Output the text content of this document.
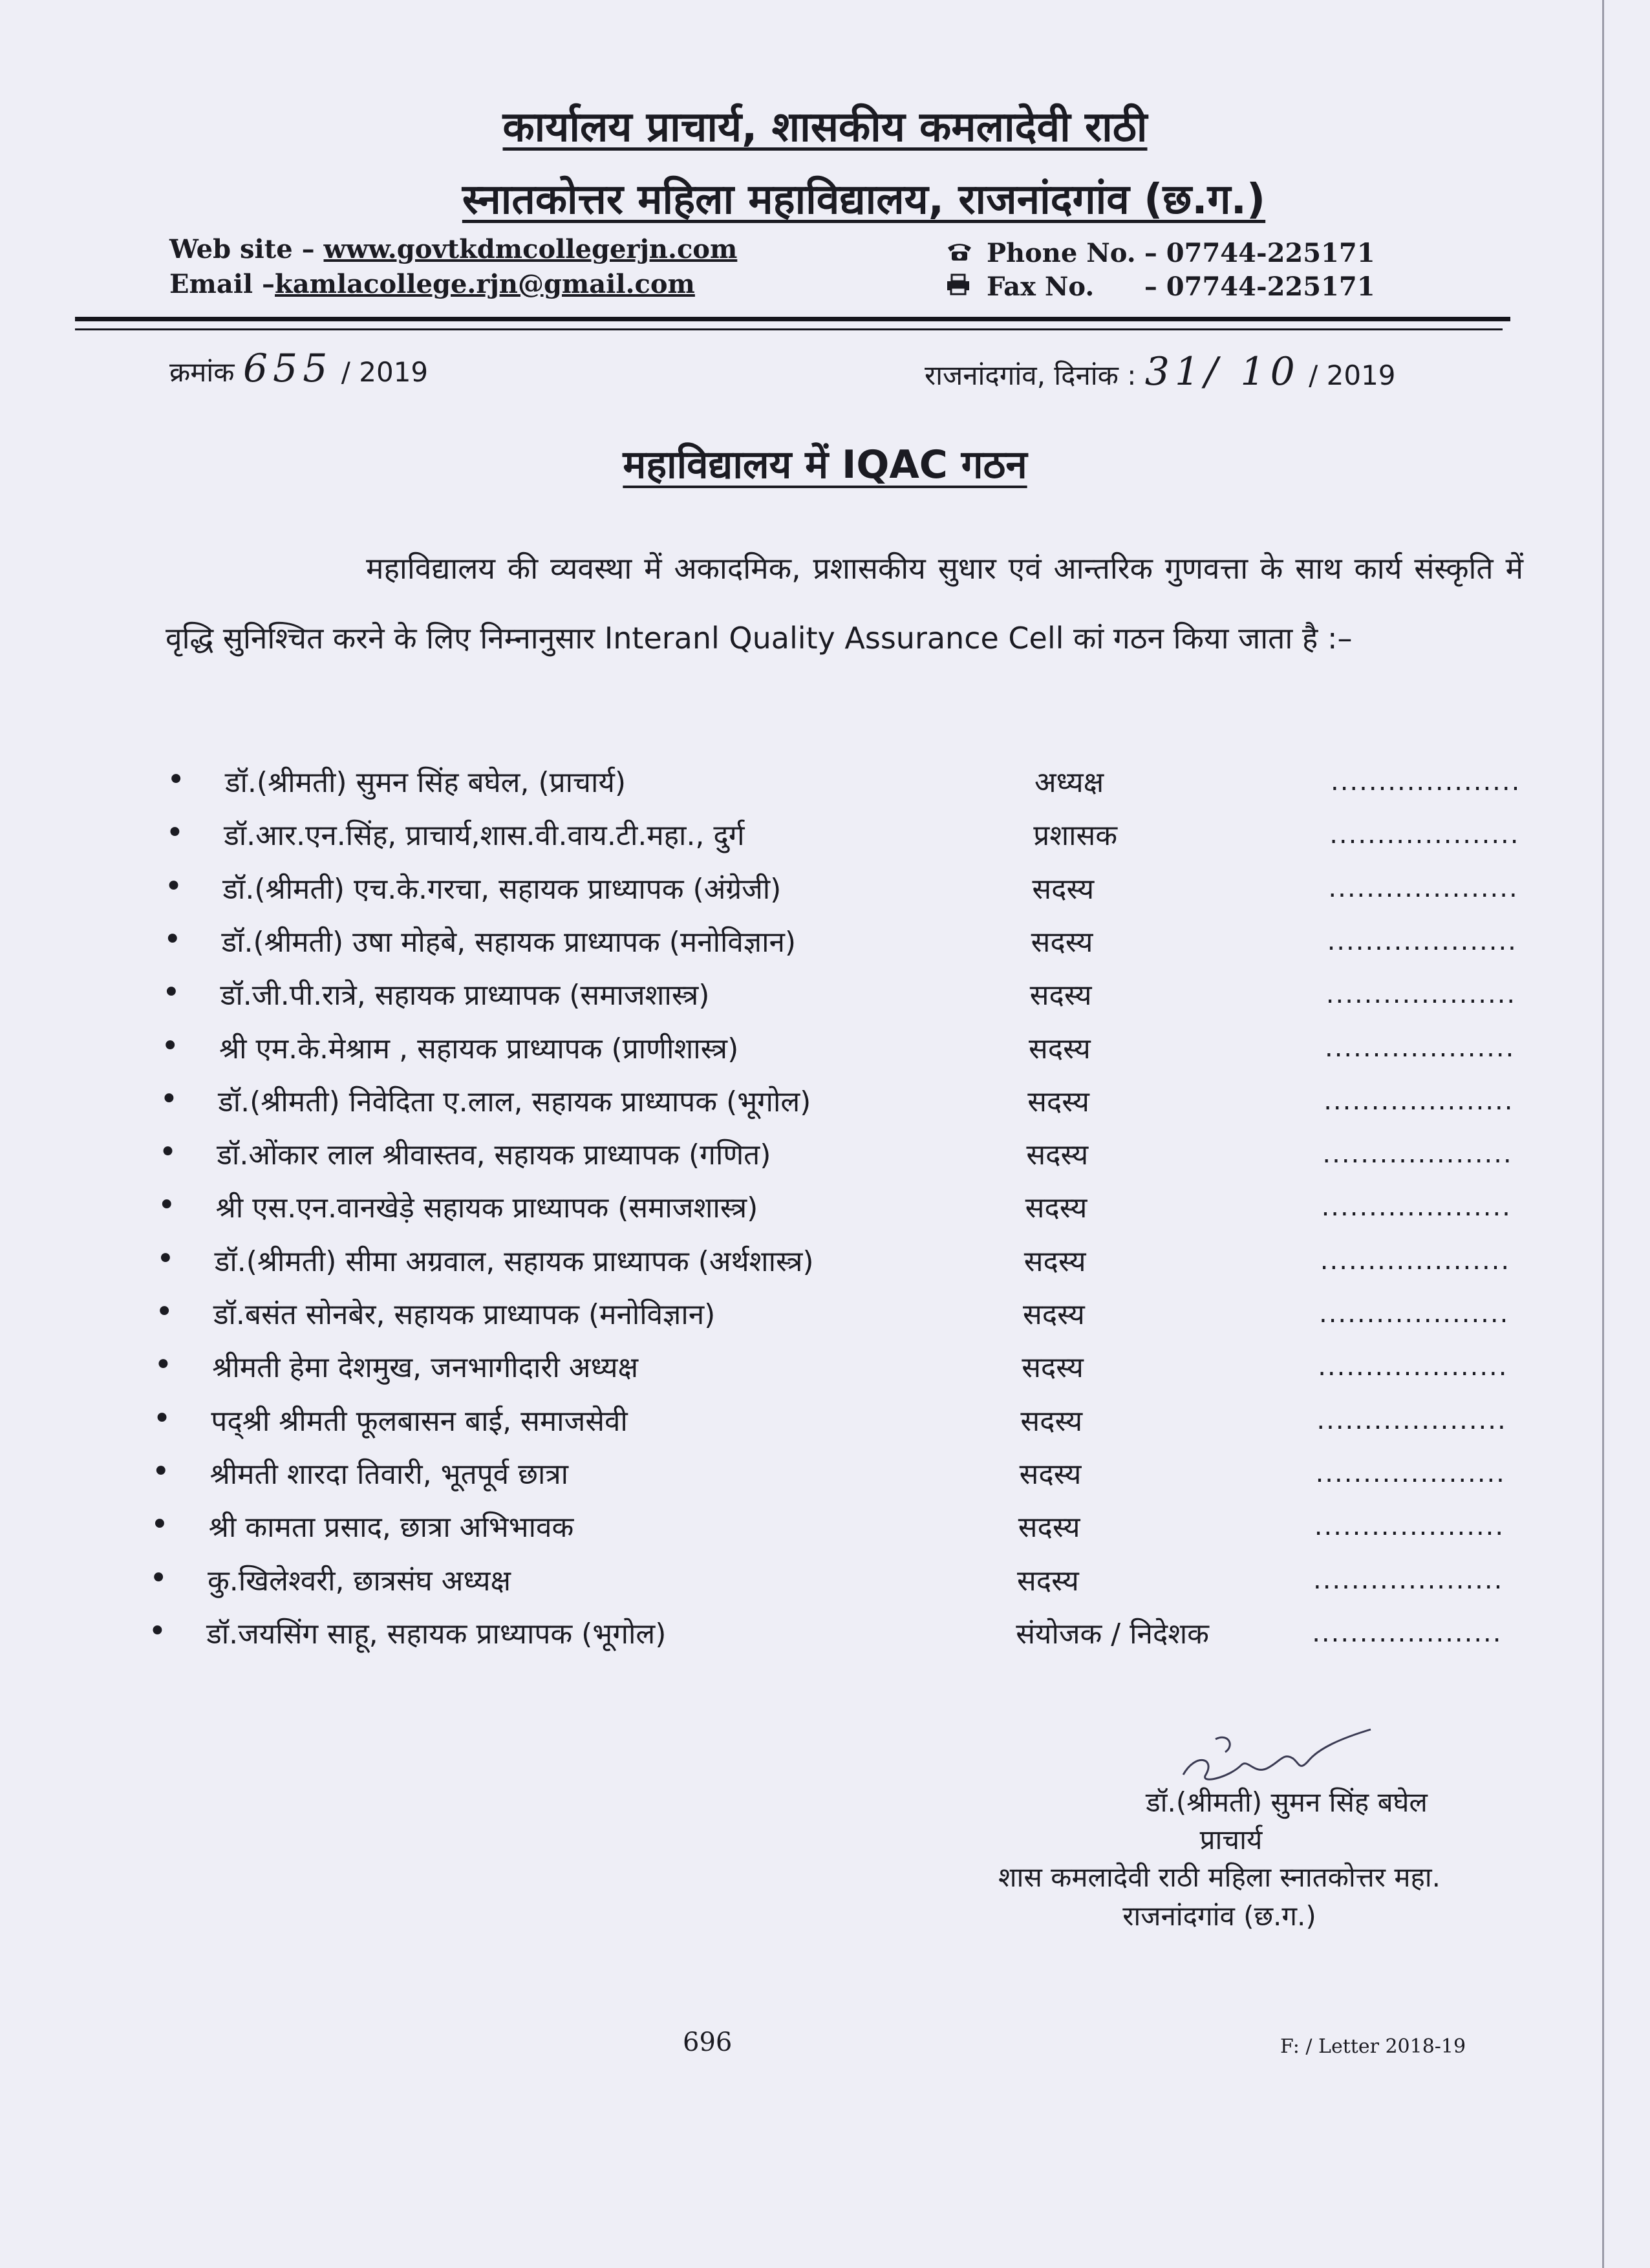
कार्यालय प्राचार्य, शासकीय कमलादेवी राठी
स्नातकोत्तर महिला महाविद्यालय, राजनांदगांव (छ.ग.)
Web site – www.govtkdmcollegerjn.com
Email –kamlacollege.rjn@gmail.com
Phone No. – 07744-225171
Fax No. – 07744-225171
क्रमांक 655 / 2019	राजनांदगांव, दिनांक : 31/ 10 / 2019
महाविद्यालय में IQAC गठन
महाविद्यालय की व्यवस्था में अकादमिक, प्रशासकीय सुधार एवं आन्तरिक गुणवत्ता के साथ कार्य संस्कृति में वृद्धि सुनिश्चित करने के लिए निम्नानुसार Interanl Quality Assurance Cell कां गठन किया जाता है :–
• डॉ.(श्रीमती) सुमन सिंह बघेल, (प्राचार्य)	अध्यक्ष	....................
• डॉ.आर.एन.सिंह, प्राचार्य,शास.वी.वाय.टी.महा., दुर्ग	प्रशासक	....................
• डॉ.(श्रीमती) एच.के.गरचा, सहायक प्राध्यापक (अंग्रेजी)	सदस्य	....................
• डॉ.(श्रीमती) उषा मोहबे, सहायक प्राध्यापक (मनोविज्ञान)	सदस्य	....................
• डॉ.जी.पी.रात्रे, सहायक प्राध्यापक (समाजशास्त्र)	सदस्य	....................
• श्री एम.के.मेश्राम , सहायक प्राध्यापक (प्राणीशास्त्र)	सदस्य	....................
• डॉ.(श्रीमती) निवेदिता ए.लाल, सहायक प्राध्यापक (भूगोल)	सदस्य	....................
• डॉ.ओंकार लाल श्रीवास्तव, सहायक प्राध्यापक (गणित)	सदस्य	....................
• श्री एस.एन.वानखेड़े सहायक प्राध्यापक (समाजशास्त्र)	सदस्य	....................
• डॉ.(श्रीमती) सीमा अग्रवाल, सहायक प्राध्यापक (अर्थशास्त्र)	सदस्य	....................
• डॉ.बसंत सोनबेर, सहायक प्राध्यापक (मनोविज्ञान)	सदस्य	....................
• श्रीमती हेमा देशमुख, जनभागीदारी अध्यक्ष	सदस्य	....................
• पद्श्री श्रीमती फूलबासन बाई, समाजसेवी	सदस्य	....................
• श्रीमती शारदा तिवारी, भूतपूर्व छात्रा	सदस्य	....................
• श्री कामता प्रसाद, छात्रा अभिभावक	सदस्य	....................
• कु.खिलेश्वरी, छात्रसंघ अध्यक्ष	सदस्य	....................
• डॉ.जयसिंग साहू, सहायक प्राध्यापक (भूगोल)	संयोजक / निदेशक	....................
डॉ.(श्रीमती) सुमन सिंह बघेल
प्राचार्य
शास कमलादेवी राठी महिला स्नातकोत्तर महा.
राजनांदगांव (छ.ग.)
696	F: / Letter 2018-19
